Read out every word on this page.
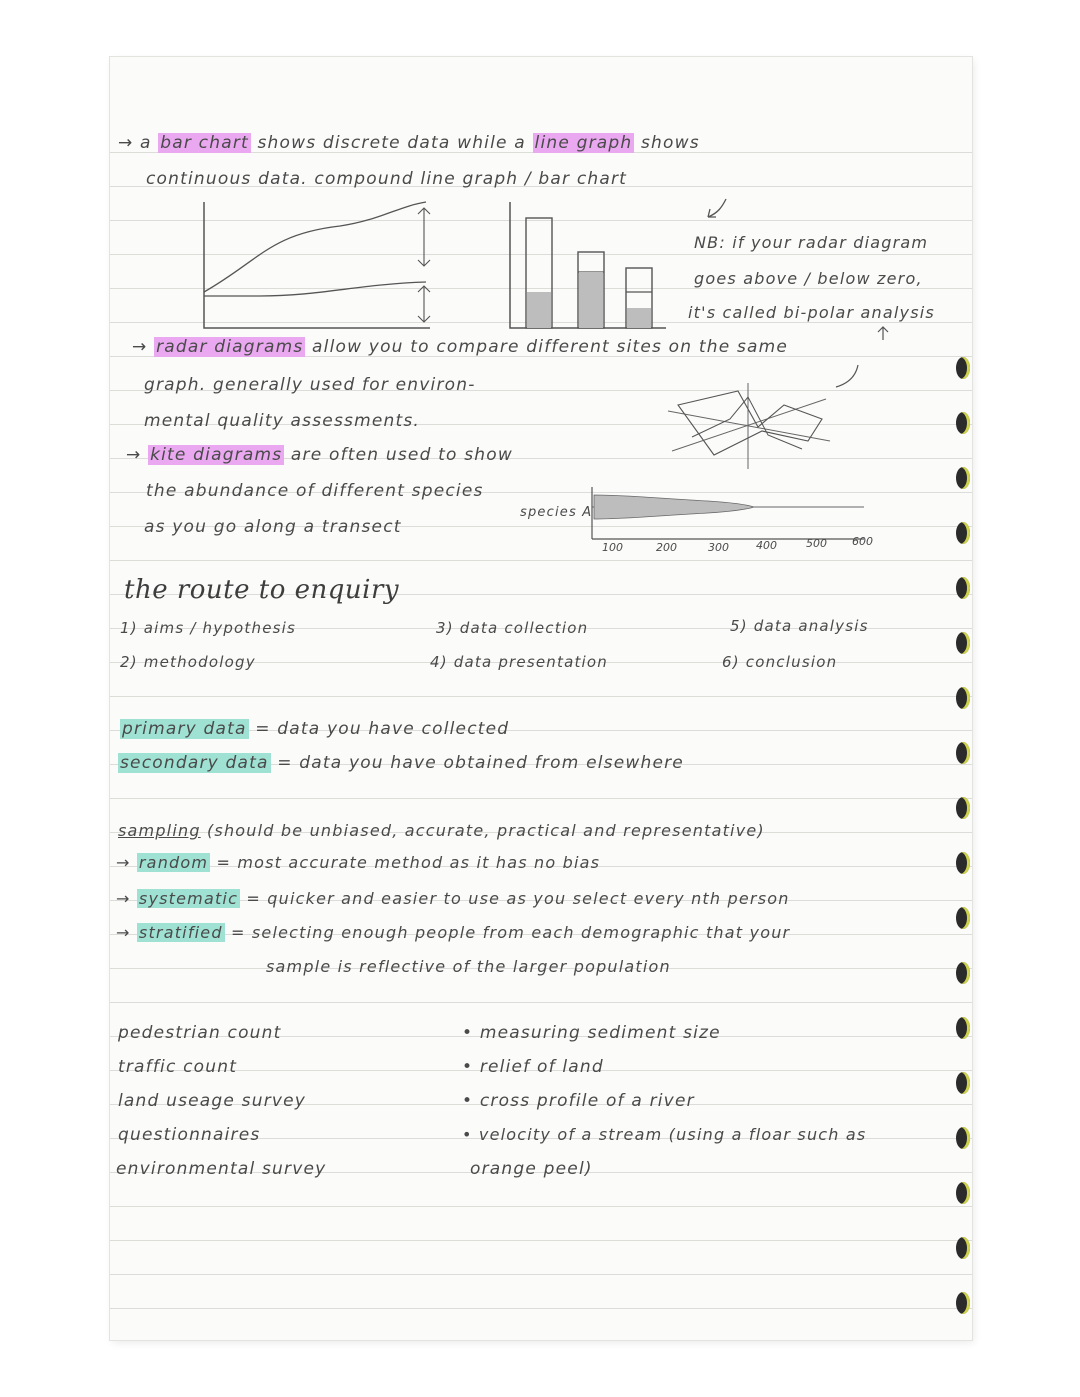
→ a bar chart shows discrete data while a line graph shows
continuous data. compound line graph / bar chart
NB: if your radar diagram
goes above / below zero,
it's called bi-polar analysis
→ radar diagrams allow you to compare different sites on the same
graph. generally used for environ-
mental quality assessments.
→ kite diagrams are often used to show
the abundance of different species
as you go along a transect
species A
100	200	300 400	500 600
the route to enquiry
1) aims / hypothesis
2) methodology
3) data collection
4) data presentation
5) data analysis
6) conclusion
primary data = data you have collected
secondary data = data you have obtained from elsewhere
sampling (should be unbiased, accurate, practical and representative)
→ random = most accurate method as it has no bias
→ systematic = quicker and easier to use as you select every nth person
→ stratified = selecting enough people from each demographic that your
sample is reflective of the larger population
pedestrian count
traffic count
land useage survey
questionnaires
environmental survey
• measuring sediment size
• relief of land
• cross profile of a river
• velocity of a stream (using a floar such as
orange peel)
